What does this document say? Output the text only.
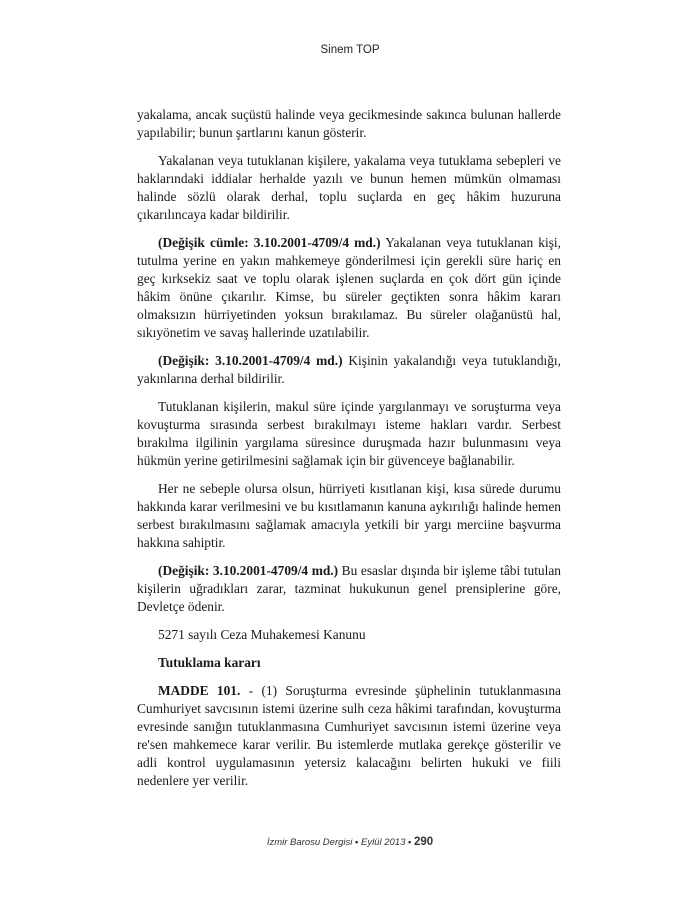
Sinem TOP

yakalama, ancak suçüstü halinde veya gecikmesinde sakınca bulunan hallerde yapılabilir; bunun şartlarını kanun gösterir.

Yakalanan veya tutuklanan kişilere, yakalama veya tutuklama sebepleri ve haklarındaki iddialar herhalde yazılı ve bunun hemen mümkün olmaması halinde sözlü olarak derhal, toplu suçlarda en geç hâkim huzuruna çıkarılıncaya kadar bildirilir.

(Değişik cümle: 3.10.2001-4709/4 md.) Yakalanan veya tutuklanan kişi, tutulma yerine en yakın mahkemeye gönderilmesi için gerekli süre hariç en geç kırksekiz saat ve toplu olarak işlenen suçlarda en çok dört gün içinde hâkim önüne çıkarılır. Kimse, bu süreler geçtikten sonra hâkim kararı olmaksızın hürriyetinden yoksun bırakılamaz. Bu süreler olağanüstü hal, sıkıyönetim ve savaş hallerinde uzatılabilir.

(Değişik: 3.10.2001-4709/4 md.) Kişinin yakalandığı veya tutuklandığı, yakınlarına derhal bildirilir.

Tutuklanan kişilerin, makul süre içinde yargılanmayı ve soruşturma veya kovuşturma sırasında serbest bırakılmayı isteme hakları vardır. Serbest bırakılma ilgilinin yargılama süresince duruşmada hazır bulunmasını veya hükmün yerine getirilmesini sağlamak için bir güvenceye bağlanabilir.

Her ne sebeple olursa olsun, hürriyeti kısıtlanan kişi, kısa sürede durumu hakkında karar verilmesini ve bu kısıtlamanın kanuna aykırılığı halinde hemen serbest bırakılmasını sağlamak amacıyla yetkili bir yargı merciine başvurma hakkına sahiptir.

(Değişik: 3.10.2001-4709/4 md.) Bu esaslar dışında bir işleme tâbi tutulan kişilerin uğradıkları zarar, tazminat hukukunun genel prensiplerine göre, Devletçe ödenir.

5271 sayılı Ceza Muhakemesi Kanunu

Tutuklama kararı

MADDE 101. - (1) Soruşturma evresinde şüphelinin tutuklanmasına Cumhuriyet savcısının istemi üzerine sulh ceza hâkimi tarafından, kovuşturma evresinde sanığın tutuklanmasına Cumhuriyet savcısının istemi üzerine veya re'sen mahkemece karar verilir. Bu istemlerde mutlaka gerekçe gösterilir ve adli kontrol uygulamasının yetersiz kalacağını belirten hukuki ve fiili nedenlere yer verilir.

İzmir Barosu Dergisi • Eylül 2013 • 290
